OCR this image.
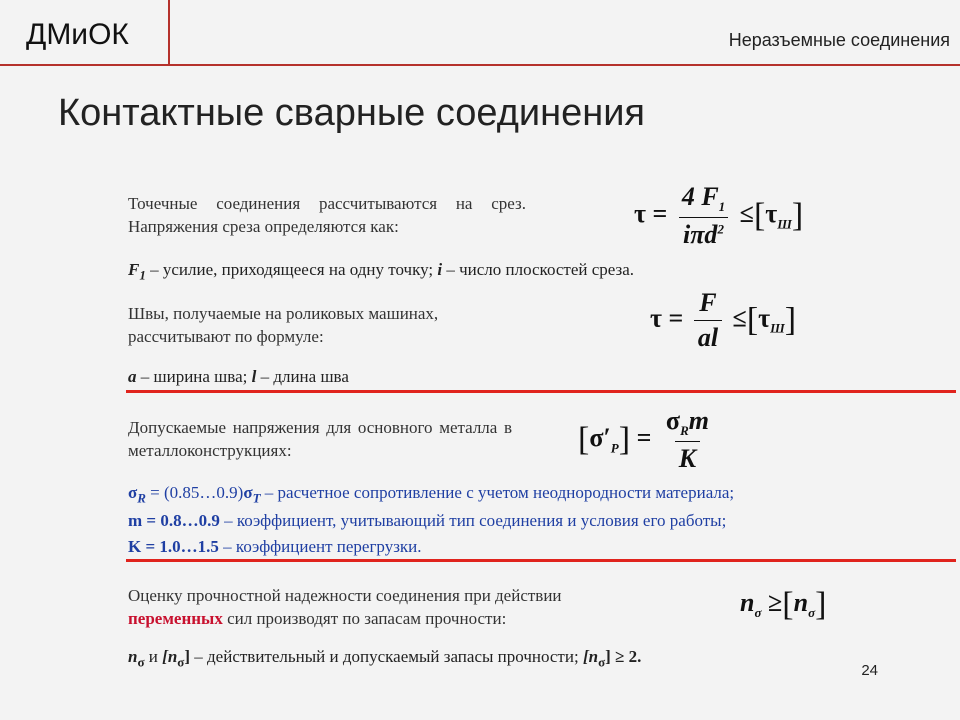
ДМиОК	Неразъемные соединения
Контактные сварные соединения
Точечные соединения рассчитываются на срез. Напряжения среза определяются как:	$\tau = \frac{4 F_1}{i\pi d^2} \le[\tau_Ш]$
$F_1$ – усилие, приходящееся на одну точку; i – число плоскостей среза.
Швы, получаемые на роликовых машинах, рассчитывают по формуле:
$\tau = \frac{F}{al} \le[\tau_Ш]$
a – ширина шва; l – длина шва
Допускаемые напряжения для основного металла в металлоконструкциях:	$[\sigma'_P] = \frac{\sigma_Rm}{K}$
$\sigma_R$ = $(0.85\dots 0.9)\sigma_T$ – расчетное сопротивление с учетом неоднородности материала;
m = 0.8…0.9 – коэффициент, учитывающий тип соединения и условия его работы;
K = 1.0…1.5 – коэффициент перегрузки.
Оценку прочностной надежности соединения при действии
переменных сил производят по запасам прочности:
$n_\sigma \ge[n_\sigma]$
$n_\sigma$ и $[n_\sigma]$ – действительный и допускаемый запасы прочности; $[n_\sigma] \ge 2$.
24
